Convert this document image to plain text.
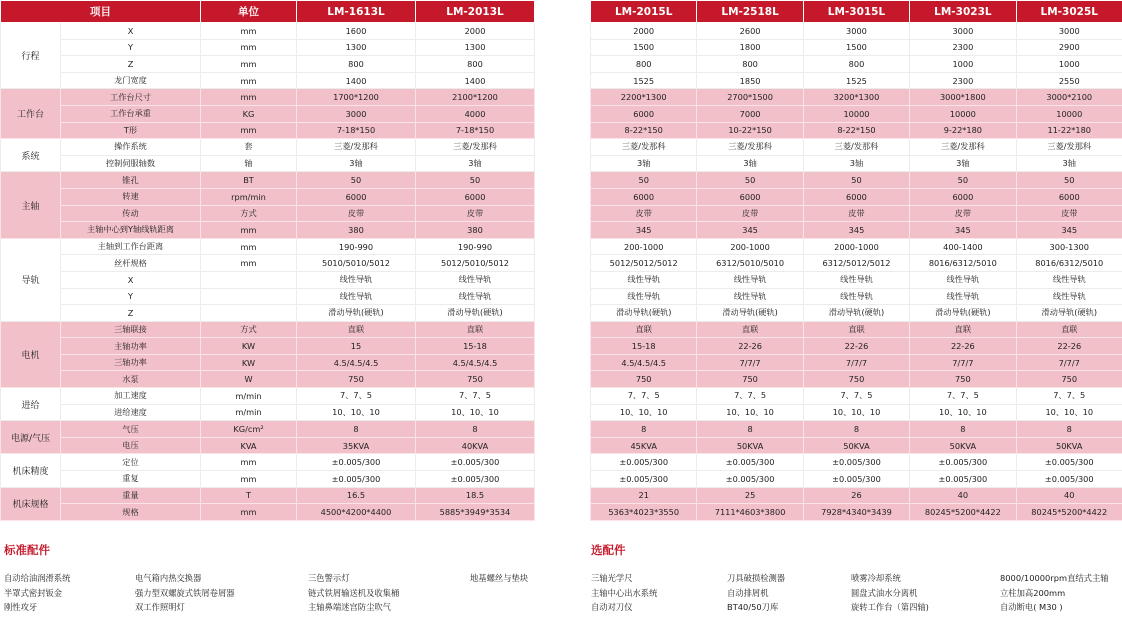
项目		单位	LM-1613L	LM-2013L
行程	X	mm	1600	2000
	Y	mm	1300	1300
	Z	mm	800	800
	龙门宽度	mm	1400	1400
工作台	工作台尺寸	mm	1700*1200	2100*1200
	工作台承重	KG	3000	4000
	T形	mm	7-18*150	7-18*150
系统	操作系统	套	三菱/发那科	三菱/发那科
	控制伺服轴数	轴	3轴	3轴
主轴	锥孔	BT	50	50
	转速	rpm/min	6000	6000
	传动	方式	皮带	皮带
	主轴中心到Y轴线轨距离	mm	380	380
导轨	主轴到工作台距离	mm	190-990	190-990
	丝杆规格	mm	5010/5010/5012	5012/5010/5012
	X		线性导轨	线性导轨
	Y		线性导轨	线性导轨
	Z		滑动导轨(硬轨)	滑动导轨(硬轨)
电机	三轴联接	方式	直联	直联
	主轴功率	KW	15	15-18
	三轴功率	KW	4.5/4.5/4.5	4.5/4.5/4.5
	水泵	W	750	750
进给	加工速度	m/min	7、7、5	7、7、5
	进给速度	m/min	10、10、10	10、10、10
电源/气压	气压	KG/cm²	8	8
	电压	KVA	35KVA	40KVA
机床精度	定位	mm	±0.005/300	±0.005/300
	重复	mm	±0.005/300	±0.005/300
机床规格	重量	T	16.5	18.5
	规格	mm	4500*4200*4400	5885*3949*3534
LM-2015L	LM-2518L	LM-3015L	LM-3023L	LM-3025L
2000	2600	3000	3000	3000
1500	1800	1500	2300	2900
800	800	800	1000	1000
1525	1850	1525	2300	2550
2200*1300	2700*1500	3200*1300	3000*1800	3000*2100
6000	7000	10000	10000	10000
8-22*150	10-22*150	8-22*150	9-22*180	11-22*180
三菱/发那科	三菱/发那科	三菱/发那科	三菱/发那科	三菱/发那科
3轴	3轴	3轴	3轴	3轴
50	50	50	50	50
6000	6000	6000	6000	6000
皮带	皮带	皮带	皮带	皮带
345	345	345	345	345
200-1000	200-1000	2000-1000	400-1400	300-1300
5012/5012/5012	6312/5010/5010	6312/5012/5012	8016/6312/5010	8016/6312/5010
线性导轨	线性导轨	线性导轨	线性导轨	线性导轨
线性导轨	线性导轨	线性导轨	线性导轨	线性导轨
滑动导轨(硬轨)	滑动导轨(硬轨)	滑动导轨(硬轨)	滑动导轨(硬轨)	滑动导轨(硬轨)
直联	直联	直联	直联	直联
15-18	22-26	22-26	22-26	22-26
4.5/4.5/4.5	7/7/7	7/7/7	7/7/7	7/7/7
750	750	750	750	750
7、7、5	7、7、5	7、7、5	7、7、5	7、7、5
10、10、10	10、10、10	10、10、10	10、10、10	10、10、10
8	8	8	8	8
45KVA	50KVA	50KVA	50KVA	50KVA
±0.005/300	±0.005/300	±0.005/300	±0.005/300	±0.005/300
±0.005/300	±0.005/300	±0.005/300	±0.005/300	±0.005/300
21	25	26	40	40
5363*4023*3550	7111*4603*3800	7928*4340*3439	80245*5200*4422	80245*5200*4422
标准配件	选配件
自动给油润滑系统
半罩式密封钣金
刚性攻牙
电气箱内热交换器
强力型双螺旋式铁屑卷屑器
双工作照明灯
三色警示灯
链式铁屑输送机及收集桶
主轴鼻端迷宫防尘吹气
地基螺丝与垫块	三轴光学尺
主轴中心出水系统
自动对刀仪
刀具破损检测器
自动排屑机
BT40/50刀库
喷雾冷却系统
圆盘式油水分离机
旋转工作台（第四轴)
8000/10000rpm直结式主轴
立柱加高200mm
自动断电( M30 )
